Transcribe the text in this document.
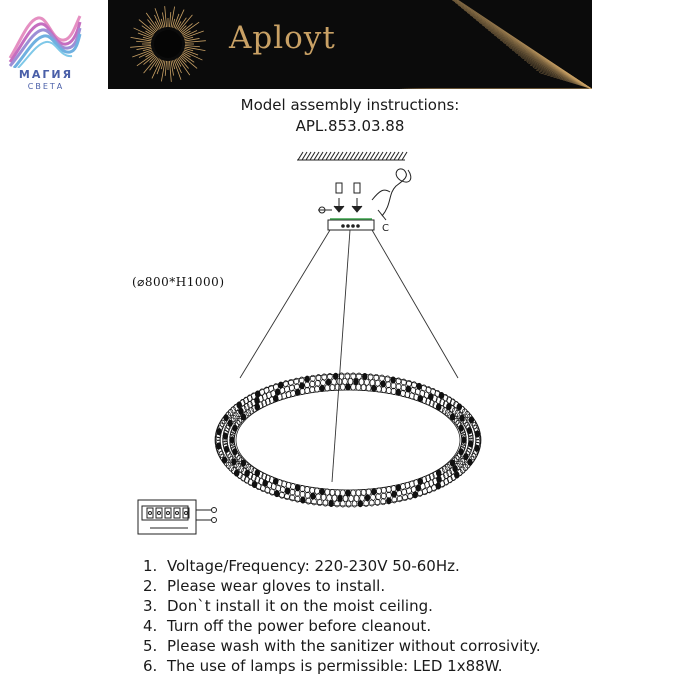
МАГИЯ
СВЕТА
Aployt
Model assembly instructions:
APL.853.03.88
C
(⌀800*H1000)
1. Voltage/Frequency: 220-230V 50-60Hz.
2. Please wear gloves to install.
3. Don`t install it on the moist ceiling.
4. Turn off the power before cleanout.
5. Please wash with the sanitizer without corrosivity.
6. The use of lamps is permissible: LED 1x88W.
